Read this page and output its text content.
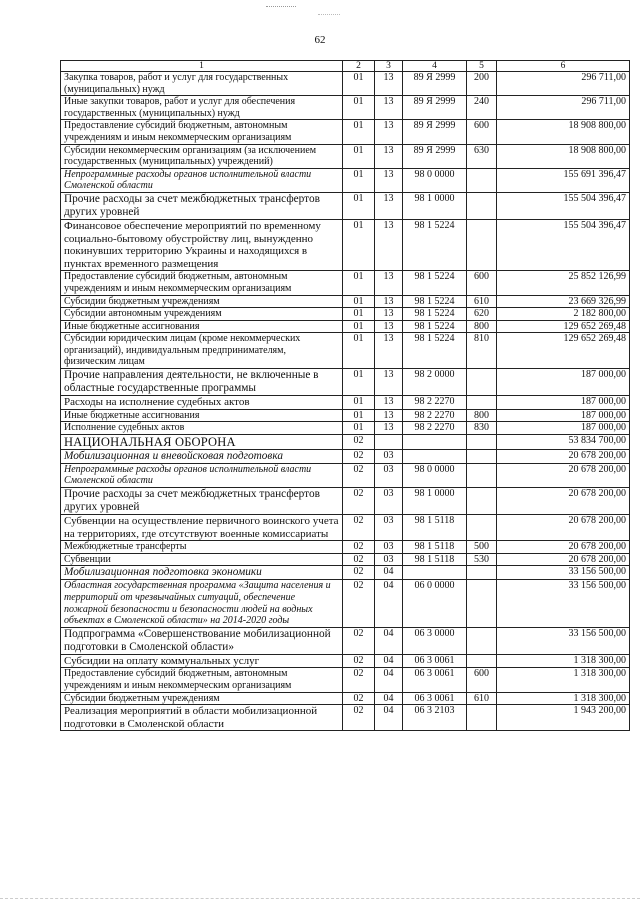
62
1	2	3	4	5	6
Закупка товаров, работ и услуг для государственных (муниципальных) нужд	01	13	89 Я 2999	200	296 711,00
Иные закупки товаров, работ и услуг для обеспечения государственных (муниципальных) нужд	01	13	89 Я 2999	240	296 711,00
Предоставление субсидий бюджетным, автономным учреждениям и иным некоммерческим организациям	01	13	89 Я 2999	600	18 908 800,00
Субсидии некоммерческим организациям (за исключением государственных (муниципальных) учреждений)	01	13	89 Я 2999	630	18 908 800,00
Непрограммные расходы органов исполнительной власти Смоленской области	01	13	98 0 0000		155 691 396,47
Прочие расходы за счет межбюджетных трансфертов других уровней	01	13	98 1 0000		155 504 396,47
Финансовое обеспечение мероприятий по временному социально-бытовому обустройству лиц, вынужденно покинувших территорию Украины и находящихся в пунктах временного размещения	01	13	98 1 5224		155 504 396,47
Предоставление субсидий бюджетным, автономным учреждениям и иным некоммерческим организациям	01	13	98 1 5224	600	25 852 126,99
Субсидии бюджетным учреждениям	01	13	98 1 5224	610	23 669 326,99
Субсидии автономным учреждениям	01	13	98 1 5224	620	2 182 800,00
Иные бюджетные ассигнования	01	13	98 1 5224	800	129 652 269,48
Субсидии юридическим лицам (кроме некоммерческих организаций), индивидуальным предпринимателям, физическим лицам	01	13	98 1 5224	810	129 652 269,48
Прочие направления деятельности, не включенные в областные государственные программы	01	13	98 2 0000		187 000,00
Расходы на исполнение судебных актов	01	13	98 2 2270		187 000,00
Иные бюджетные ассигнования	01	13	98 2 2270	800	187 000,00
Исполнение судебных актов	01	13	98 2 2270	830	187 000,00
НАЦИОНАЛЬНАЯ ОБОРОНА	02				53 834 700,00
Мобилизационная и вневойсковая подготовка	02	03			20 678 200,00
Непрограммные расходы органов исполнительной власти Смоленской области	02	03	98 0 0000		20 678 200,00
Прочие расходы за счет межбюджетных трансфертов других уровней	02	03	98 1 0000		20 678 200,00
Субвенции на осуществление первичного воинского учета на территориях, где отсутствуют военные комиссариаты	02	03	98 1 5118		20 678 200,00
Межбюджетные трансферты	02	03	98 1 5118	500	20 678 200,00
Субвенции	02	03	98 1 5118	530	20 678 200,00
Мобилизационная подготовка экономики	02	04			33 156 500,00
Областная государственная программа «Защита населения и территорий от чрезвычайных ситуаций, обеспечение пожарной безопасности и безопасности людей на водных объектах в Смоленской области» на 2014-2020 годы	02	04	06 0 0000		33 156 500,00
Подпрограмма «Совершенствование мобилизационной подготовки в Смоленской области»	02	04	06 3 0000		33 156 500,00
Субсидии на оплату коммунальных услуг	02	04	06 3 0061		1 318 300,00
Предоставление субсидий бюджетным, автономным учреждениям и иным некоммерческим организациям	02	04	06 3 0061	600	1 318 300,00
Субсидии бюджетным учреждениям	02	04	06 3 0061	610	1 318 300,00
Реализация мероприятий в области мобилизационной подготовки в Смоленской области	02	04	06 3 2103		1 943 200,00
